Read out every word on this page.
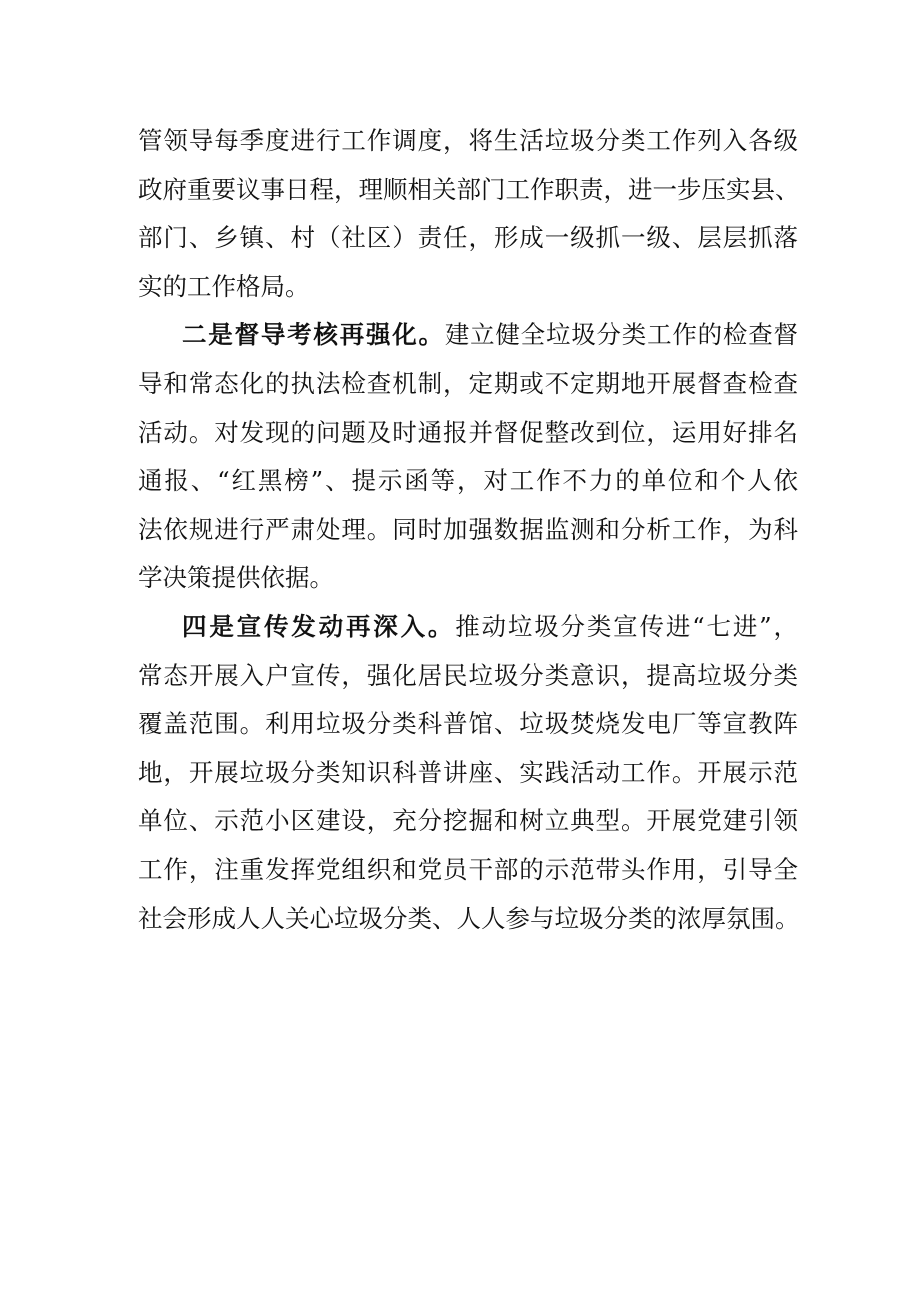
管领导每季度进行工作调度，将生活垃圾分类工作列入各级
政府重要议事日程，理顺相关部门工作职责，进一步压实县、
部门、乡镇、村（社区）责任，形成一级抓一级、层层抓落
实的工作格局。
二是督导考核再强化。建立健全垃圾分类工作的检查督
导和常态化的执法检查机制，定期或不定期地开展督查检查
活动。对发现的问题及时通报并督促整改到位，运用好排名
通报、“红黑榜”、提示函等，对工作不力的单位和个人依
法依规进行严肃处理。同时加强数据监测和分析工作，为科
学决策提供依据。
四是宣传发动再深入。推动垃圾分类宣传进“七进”，
常态开展入户宣传，强化居民垃圾分类意识，提高垃圾分类
覆盖范围。利用垃圾分类科普馆、垃圾焚烧发电厂等宣教阵
地，开展垃圾分类知识科普讲座、实践活动工作。开展示范
单位、示范小区建设，充分挖掘和树立典型。开展党建引领
工作，注重发挥党组织和党员干部的示范带头作用，引导全
社会形成人人关心垃圾分类、人人参与垃圾分类的浓厚氛围。
